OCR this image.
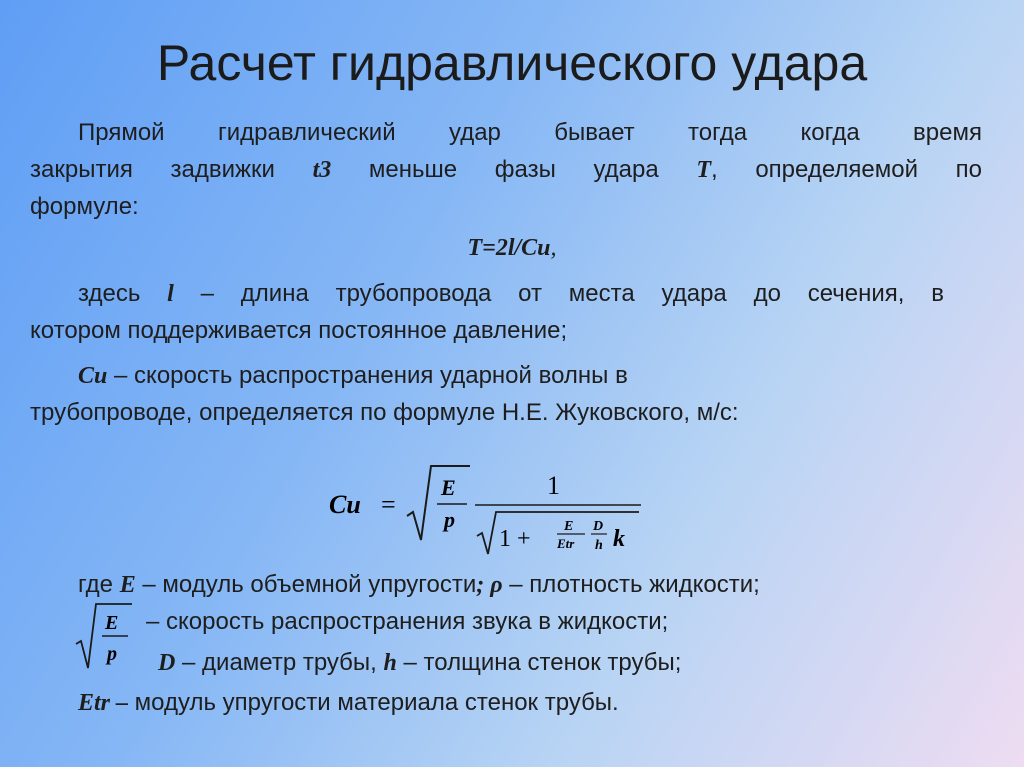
Расчет гидравлического удара
Прямой гидравлический удар бывает тогда когда время
закрытия задвижки t3 меньше фазы удара T, определяемой по
формуле:
T=2l/Cu,
здесь l – длина трубопровода от места удара до сечения, в
котором поддерживается постоянное давление;
Cu – скорость распространения ударной волны в
трубопроводе, определяется по формуле Н.Е. Жуковского, м/с:
Cu =
E
p
1
1 + E
Etr
D
h k
где E – модуль объемной упругости; ρ – плотность жидкости;
E
p
– скорость распространения звука в жидкости;
D – диаметр трубы, h – толщина стенок трубы;
Etr – модуль упругости материала стенок трубы.
